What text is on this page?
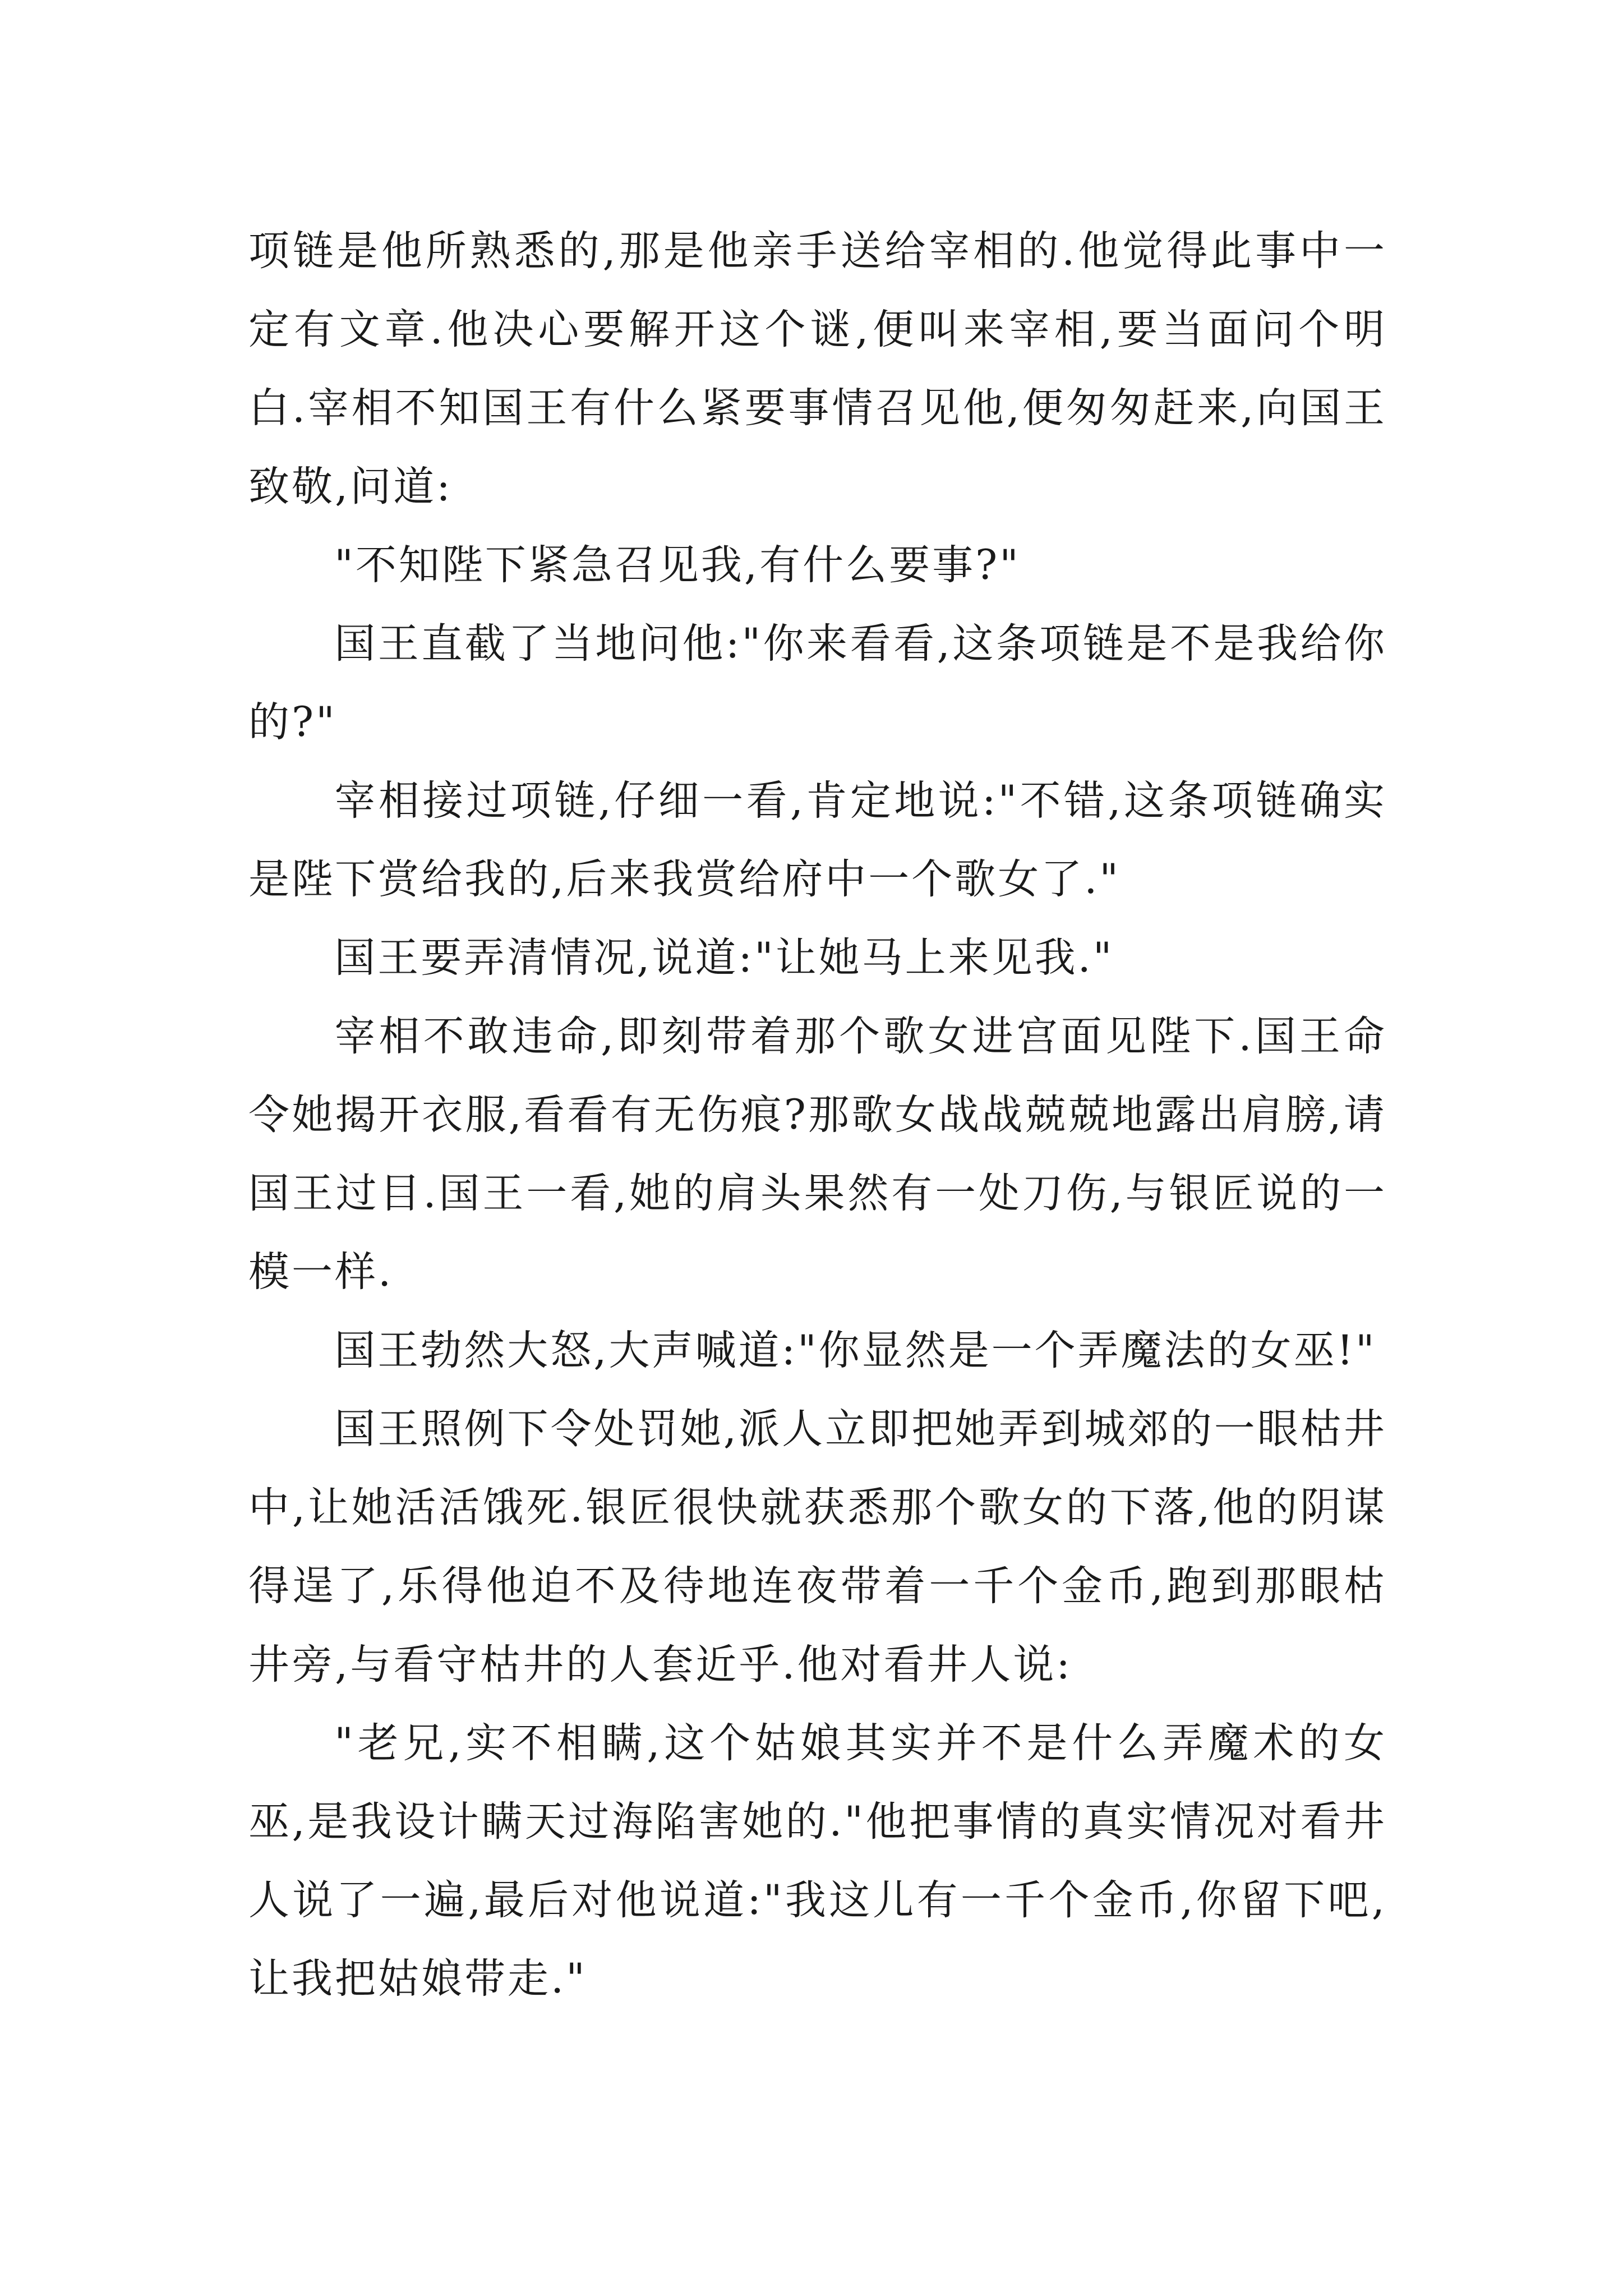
项链是他所熟悉的,那是他亲手送给宰相的.他觉得此事中一定有文章.他决心要解开这个谜,便叫来宰相,要当面问个明白.宰相不知国王有什么紧要事情召见他,便匆匆赶来,向国王致敬,问道:

"不知陛下紧急召见我,有什么要事?"

国王直截了当地问他:"你来看看,这条项链是不是我给你的?"

宰相接过项链,仔细一看,肯定地说:"不错,这条项链确实是陛下赏给我的,后来我赏给府中一个歌女了."

国王要弄清情况,说道:"让她马上来见我."

宰相不敢违命,即刻带着那个歌女进宫面见陛下.国王命令她揭开衣服,看看有无伤痕?那歌女战战兢兢地露出肩膀,请国王过目.国王一看,她的肩头果然有一处刀伤,与银匠说的一模一样.

国王勃然大怒,大声喊道:"你显然是一个弄魔法的女巫!"

国王照例下令处罚她,派人立即把她弄到城郊的一眼枯井中,让她活活饿死.银匠很快就获悉那个歌女的下落,他的阴谋得逞了,乐得他迫不及待地连夜带着一千个金币,跑到那眼枯井旁,与看守枯井的人套近乎.他对看井人说:

"老兄,实不相瞒,这个姑娘其实并不是什么弄魔术的女巫,是我设计瞒天过海陷害她的."他把事情的真实情况对看井人说了一遍,最后对他说道:"我这儿有一千个金币,你留下吧,让我把姑娘带走."
